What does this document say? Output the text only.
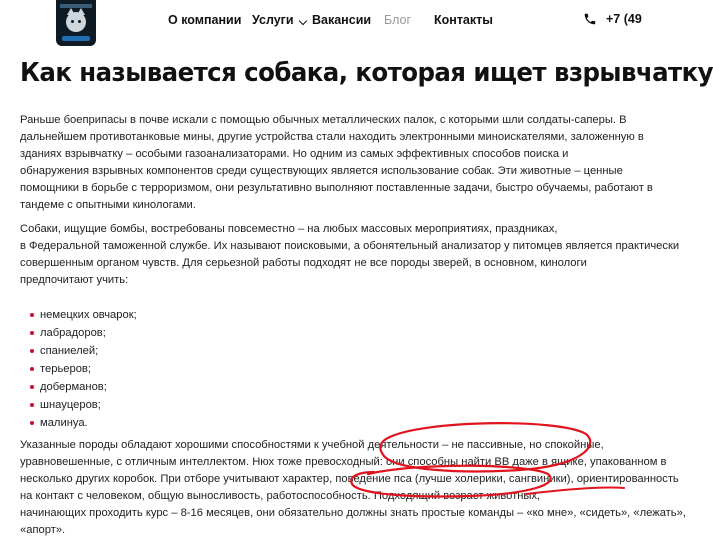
О компании Услуги Вакансии Блог Контакты	+7 (49
Как называется собака, которая ищет взрывчатку
Раньше боеприпасы в почве искали с помощью обычных металлических палок, с которыми шли солдаты-саперы. В
дальнейшем противотанковые мины, другие устройства стали находить электронными миноискателями, заложенную в
зданиях взрывчатку – особыми газоанализаторами. Но одним из самых эффективных способов поиска и
обнаружения взрывных компонентов среди существующих является использование собак. Эти животные – ценные
помощники в борьбе с терроризмом, они результативно выполняют поставленные задачи, быстро обучаемы, работают в
тандеме с опытными кинологами.
Собаки, ищущие бомбы, востребованы повсеместно – на любых массовых мероприятиях, праздниках,
в Федеральной таможенной службе. Их называют поисковыми, а обонятельный анализатор у питомцев является практически
совершенным органом чувств. Для серьезной работы подходят не все породы зверей, в основном, кинологи
предпочитают учить:
немецких овчарок;
лабрадоров;
спаниелей;
терьеров;
доберманов;
шнауцеров;
малинуа.
Указанные породы обладают хорошими способностями к учебной деятельности – не пассивные, но спокойные,
уравновешенные, с отличным интеллектом. Нюх тоже превосходный: они способны найти ВВ даже в ящике, упакованном в
несколько других коробок. При отборе учитывают характер, поведение пса (лучше холерики, сангвиники), ориентированность
на контакт с человеком, общую выносливость, работоспособность. Подходящий возраст животных,
начинающих проходить курс – 8-16 месяцев, они обязательно должны знать простые команды – «ко мне», «сидеть», «лежать»,
«апорт».
